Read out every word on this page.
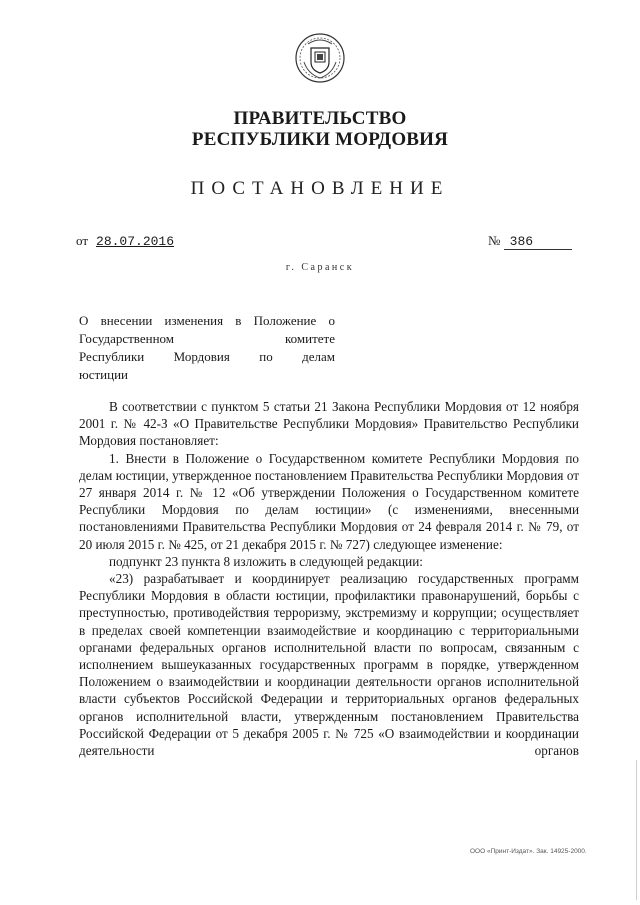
ПРАВИТЕЛЬСТВО
РЕСПУБЛИКИ МОРДОВИЯ
ПОСТАНОВЛЕНИЕ
от 28.07.2016	№ 386
г. Саранск
О внесении изменения в Положение о
Государственном комитете
Республики Мордовия по делам
юстиции

В соответствии с пунктом 5 статьи 21 Закона Республики Мордовия от 12 ноября 2001 г. № 42-З «О Правительстве Республики Мордовия» Правительство Республики Мордовия постановляет:

1. Внести в Положение о Государственном комитете Республики Мордовия по делам юстиции, утвержденное постановлением Правительства Республики Мордовия от 27 января 2014 г. № 12 «Об утверждении Положения о Государственном комитете Республики Мордовия по делам юстиции» (с изменениями, внесенными постановлениями Правительства Республики Мордовия от 24 февраля 2014 г. № 79, от 20 июля 2015 г. № 425, от 21 декабря 2015 г. № 727) следующее изменение:

подпункт 23 пункта 8 изложить в следующей редакции:

«23) разрабатывает и координирует реализацию государственных программ Республики Мордовия в области юстиции, профилактики правонарушений, борьбы с преступностью, противодействия терроризму, экстремизму и коррупции; осуществляет в пределах своей компетенции взаимодействие и координацию с территориальными органами федеральных органов исполнительной власти по вопросам, связанным с исполнением вышеуказанных государственных программ в порядке, утвержденном Положением о взаимодействии и координации деятельности органов исполнительной власти субъектов Российской Федерации и территориальных органов федеральных органов исполнительной власти, утвержденным постановлением Правительства Российской Федерации от 5 декабря 2005 г. № 725 «О взаимодействии и координации деятельности органов

ООО «Принт-Издат». Зак. 14925-2000.
